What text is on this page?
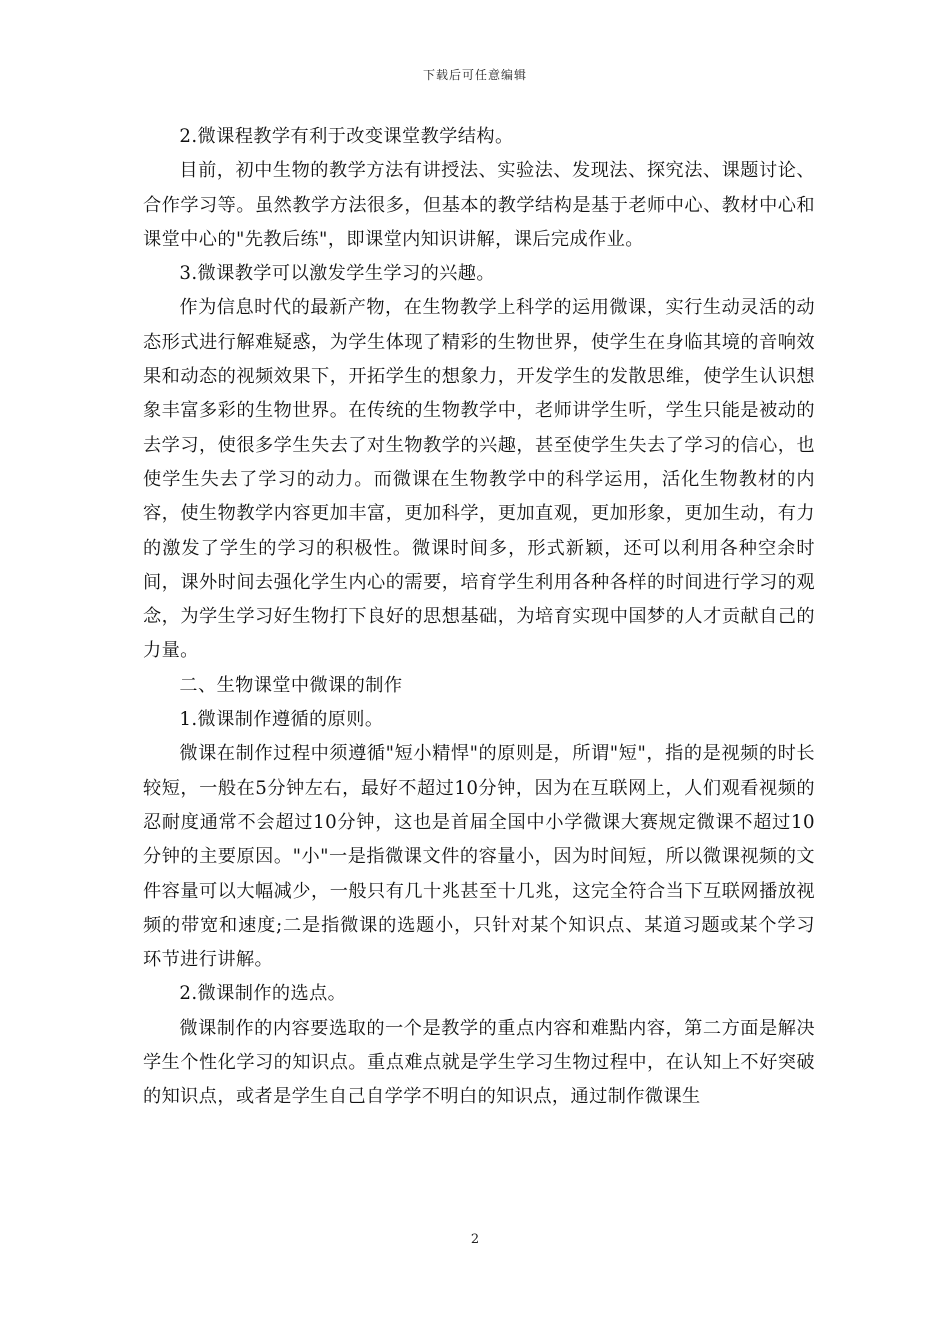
下载后可任意编辑

2.微课程教学有利于改变课堂教学结构。

目前，初中生物的教学方法有讲授法、实验法、发现法、探究法、课题讨论、合作学习等。虽然教学方法很多，但基本的教学结构是基于老师中心、教材中心和课堂中心的"先教后练"，即课堂内知识讲解，课后完成作业。

3.微课教学可以激发学生学习的兴趣。

作为信息时代的最新产物，在生物教学上科学的运用微课，实行生动灵活的动态形式进行解难疑惑，为学生体现了精彩的生物世界，使学生在身临其境的音响效果和动态的视频效果下，开拓学生的想象力，开发学生的发散思维，使学生认识想象丰富多彩的生物世界。在传统的生物教学中，老师讲学生听，学生只能是被动的去学习，使很多学生失去了对生物教学的兴趣，甚至使学生失去了学习的信心，也使学生失去了学习的动力。而微课在生物教学中的科学运用，活化生物教材的内容，使生物教学内容更加丰富，更加科学，更加直观，更加形象，更加生动，有力的激发了学生的学习的积极性。微课时间多，形式新颖，还可以利用各种空余时间，课外时间去强化学生内心的需要，培育学生利用各种各样的时间进行学习的观念，为学生学习好生物打下良好的思想基础，为培育实现中国梦的人才贡献自己的力量。

二、生物课堂中微课的制作

1.微课制作遵循的原则。

微课在制作过程中须遵循"短小精悍"的原则是，所谓"短"，指的是视频的时长较短，一般在5分钟左右，最好不超过10分钟，因为在互联网上，人们观看视频的忍耐度通常不会超过10分钟，这也是首届全国中小学微课大赛规定微课不超过10分钟的主要原因。"小"一是指微课文件的容量小，因为时间短，所以微课视频的文件容量可以大幅减少，一般只有几十兆甚至十几兆，这完全符合当下互联网播放视频的带宽和速度;二是指微课的选题小，只针对某个知识点、某道习题或某个学习环节进行讲解。

2.微课制作的选点。

微课制作的内容要选取的一个是教学的重点内容和难點内容，第二方面是解决学生个性化学习的知识点。重点难点就是学生学习生物过程中，在认知上不好突破的知识点，或者是学生自己自学学不明白的知识点，通过制作微课生

2
